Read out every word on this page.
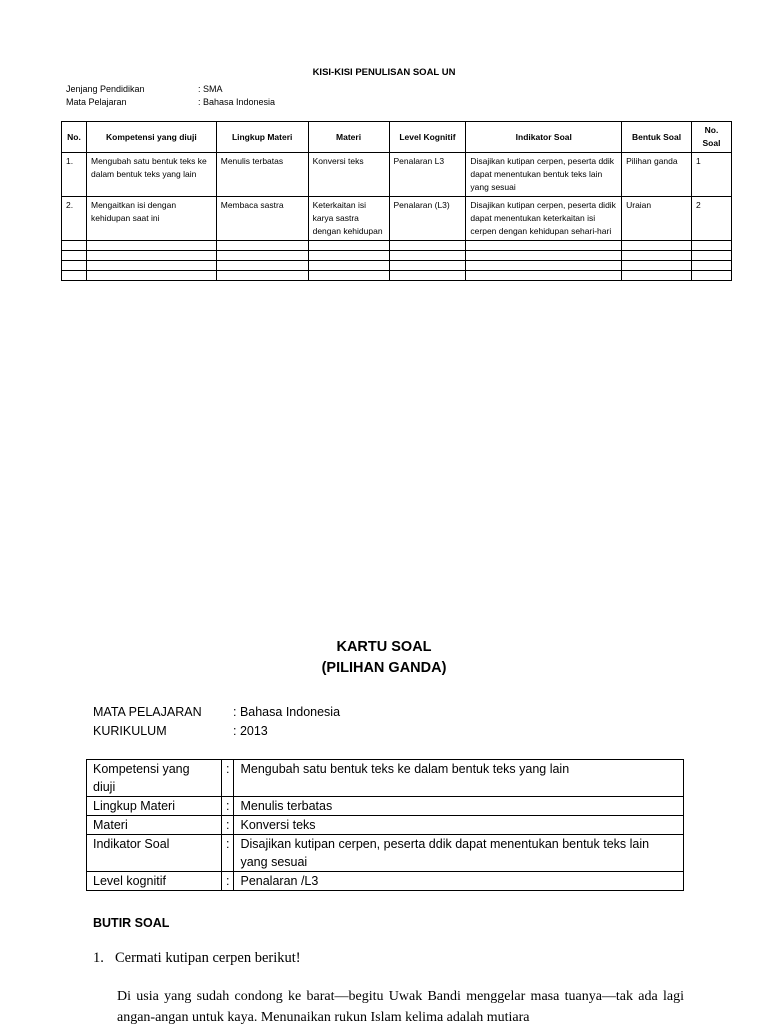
KISI-KISI PENULISAN SOAL UN
Jenjang Pendidikan	: SMA
Mata Pelajaran	: Bahasa Indonesia
No.	Kompetensi yang diuji	Lingkup Materi	Materi	Level Kognitif	Indikator Soal	Bentuk Soal	No. Soal
1.	Mengubah satu bentuk teks ke dalam bentuk teks yang lain	Menulis terbatas	Konversi teks	Penalaran L3	Disajikan kutipan cerpen, peserta ddik dapat menentukan bentuk teks lain yang sesuai	Pilihan ganda	1
2.	Mengaitkan isi dengan kehidupan saat ini	Membaca sastra	Keterkaitan isi karya sastra dengan kehidupan	Penalaran (L3)	Disajikan kutipan cerpen, peserta didik dapat menentukan keterkaitan isi cerpen dengan kehidupan sehari-hari	Uraian	2

KARTU SOAL
(PILIHAN GANDA)
MATA PELAJARAN	: Bahasa Indonesia
KURIKULUM	: 2013
Kompetensi yang diuji	:	Mengubah satu bentuk teks ke dalam bentuk teks yang lain
Lingkup Materi	:	Menulis terbatas
Materi	:	Konversi teks
Indikator Soal	:	Disajikan kutipan cerpen, peserta ddik dapat menentukan bentuk teks lain yang sesuai
Level kognitif	:	Penalaran /L3
BUTIR SOAL
1. Cermati kutipan cerpen berikut!
Di usia yang sudah condong ke barat—begitu Uwak Bandi menggelar masa tuanya—tak ada lagi angan-angan untuk kaya. Menunaikan rukun Islam kelima adalah mutiara
